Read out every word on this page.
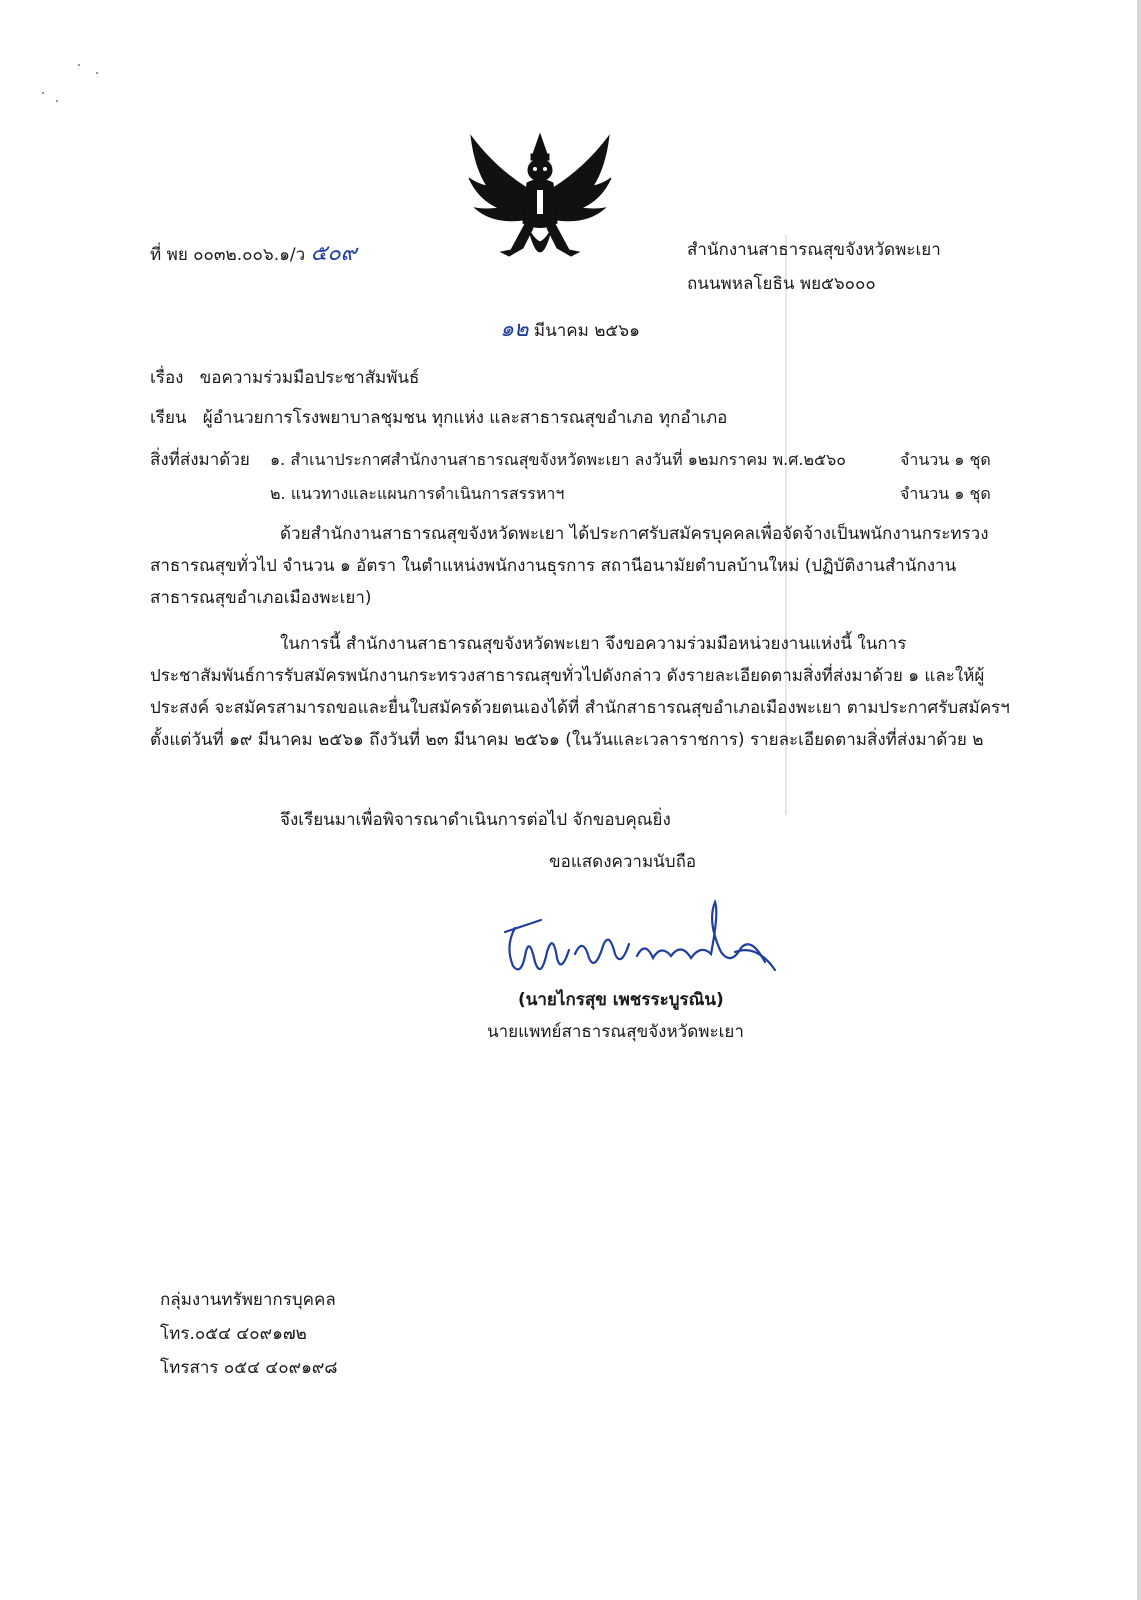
ที่ พย ๐๐๓๒.๐๐๖.๑/ว ๕๐๙	สำนักงานสาธารณสุขจังหวัดพะเยา
ถนนพหลโยธิน พย๕๖๐๐๐
๑๒ มีนาคม ๒๕๖๑
เรื่อง ขอความร่วมมือประชาสัมพันธ์
เรียน ผู้อำนวยการโรงพยาบาลชุมชน ทุกแห่ง และสาธารณสุขอำเภอ ทุกอำเภอ
สิ่งที่ส่งมาด้วย ๑. สำเนาประกาศสำนักงานสาธารณสุขจังหวัดพะเยา ลงวันที่ ๑๒มกราคม พ.ศ.๒๕๖๐	จำนวน ๑ ชุด
๒. แนวทางและแผนการดำเนินการสรรหาฯ	จำนวน ๑ ชุด
ด้วยสำนักงานสาธารณสุขจังหวัดพะเยา ได้ประกาศรับสมัครบุคคลเพื่อจัดจ้างเป็นพนักงานกระทรวงสาธารณสุขทั่วไป จำนวน ๑ อัตรา ในตำแหน่งพนักงานธุรการ สถานีอนามัยตำบลบ้านใหม่ (ปฏิบัติงานสำนักงานสาธารณสุขอำเภอเมืองพะเยา)
ในการนี้ สำนักงานสาธารณสุขจังหวัดพะเยา จึงขอความร่วมมือหน่วยงานแห่งนี้ ในการประชาสัมพันธ์การรับสมัครพนักงานกระทรวงสาธารณสุขทั่วไปดังกล่าว ดังรายละเอียดตามสิ่งที่ส่งมาด้วย ๑ และให้ผู้ประสงค์ จะสมัครสามารถขอและยื่นใบสมัครด้วยตนเองได้ที่ สำนักสาธารณสุขอำเภอเมืองพะเยา ตามประกาศรับสมัครฯ ตั้งแต่วันที่ ๑๙ มีนาคม ๒๕๖๑ ถึงวันที่ ๒๓ มีนาคม ๒๕๖๑ (ในวันและเวลาราชการ) รายละเอียดตามสิ่งที่ส่งมาด้วย ๒
จึงเรียนมาเพื่อพิจารณาดำเนินการต่อไป จักขอบคุณยิ่ง
ขอแสดงความนับถือ
(นายไกรสุข เพชรระบูรณิน)
นายแพทย์สาธารณสุขจังหวัดพะเยา
กลุ่มงานทรัพยากรบุคคล
โทร.๐๕๔ ๔๐๙๑๗๒
โทรสาร ๐๕๔ ๔๐๙๑๙๘
